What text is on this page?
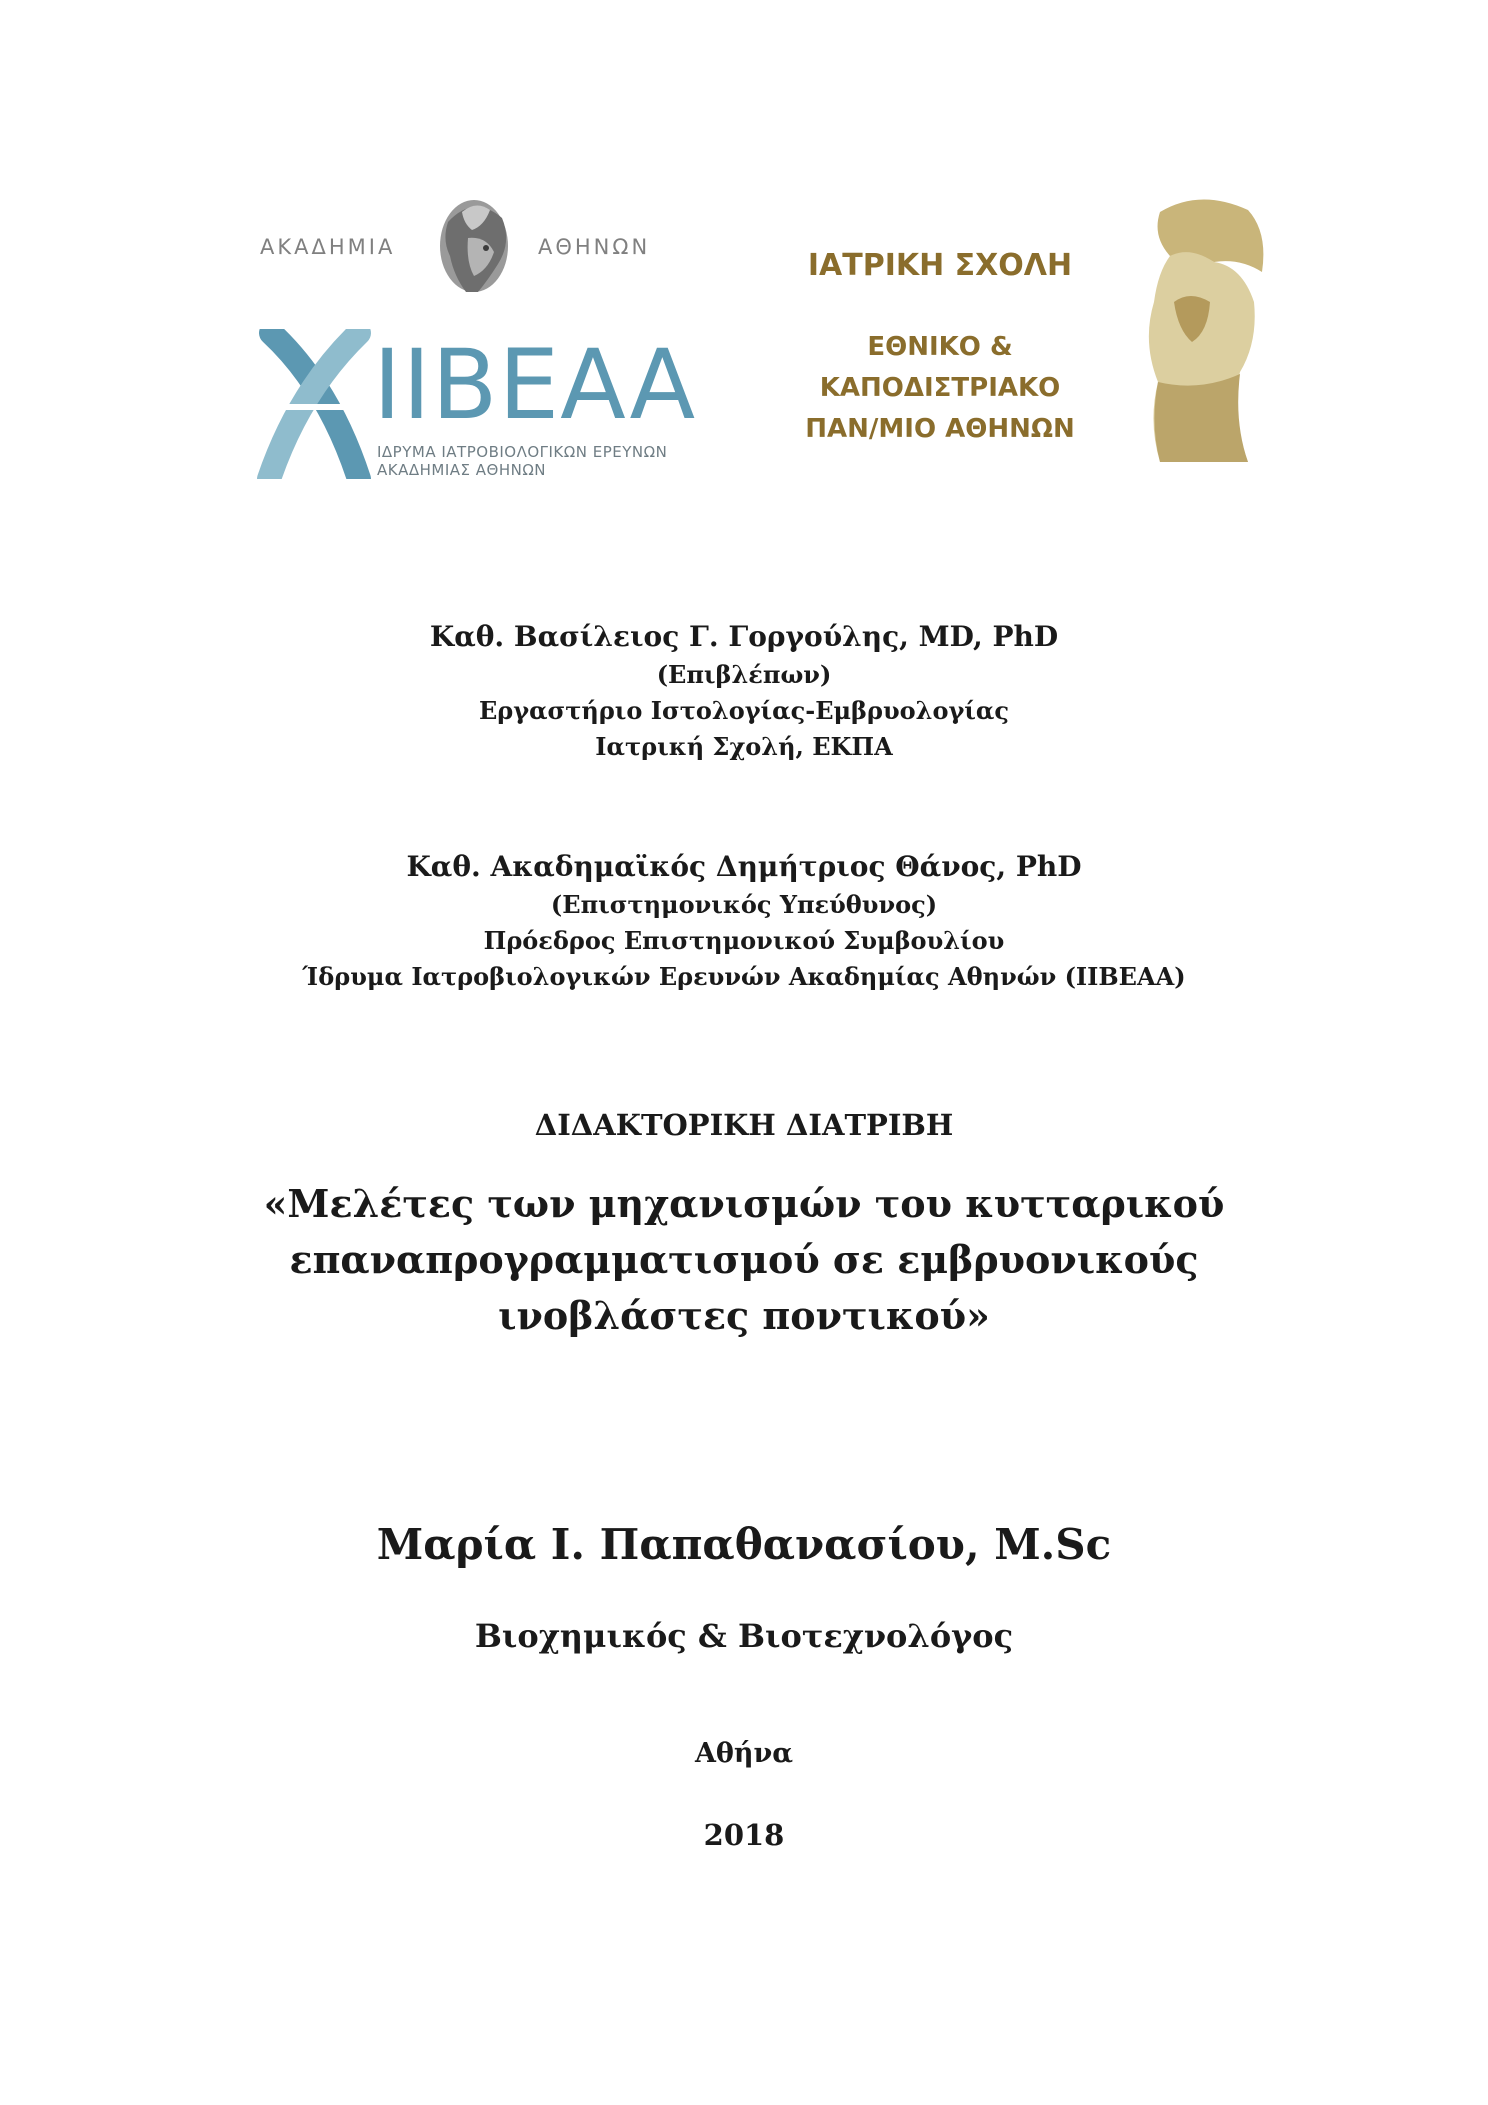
ΑΚΑΔΗΜΙΑ	ΑΘΗΝΩΝ
IIBEAA
ΙΔΡΥΜΑ ΙΑΤΡΟΒΙΟΛΟΓΙΚΩΝ ΕΡΕΥΝΩΝ
ΑΚΑΔΗΜΙΑΣ ΑΘΗΝΩΝ
ΙΑΤΡΙΚΗ ΣΧΟΛΗ
ΕΘΝΙΚΟ &
ΚΑΠΟΔΙΣΤΡΙΑΚΟ
ΠΑΝ/ΜΙΟ ΑΘΗΝΩΝ
Καθ. Βασίλειος Γ. Γοργούλης, MD, PhD
(Επιβλέπων)
Εργαστήριο Ιστολογίας-Εμβρυολογίας
Ιατρική Σχολή, ΕΚΠΑ
Καθ. Ακαδημαϊκός Δημήτριος Θάνος, PhD
(Επιστημονικός Υπεύθυνος)
Πρόεδρος Επιστημονικού Συμβουλίου
Ίδρυμα Ιατροβιολογικών Ερευνών Ακαδημίας Αθηνών (ΙΙΒΕΑΑ)
ΔΙΔΑΚΤΟΡΙΚΗ ΔΙΑΤΡΙΒΗ
«Μελέτες των μηχανισμών του κυτταρικού
επαναπρογραμματισμού σε εμβρυονικούς
ινοβλάστες ποντικού»
Μαρία Ι. Παπαθανασίου, M.Sc
Βιοχημικός & Βιοτεχνολόγος
Αθήνα
2018
